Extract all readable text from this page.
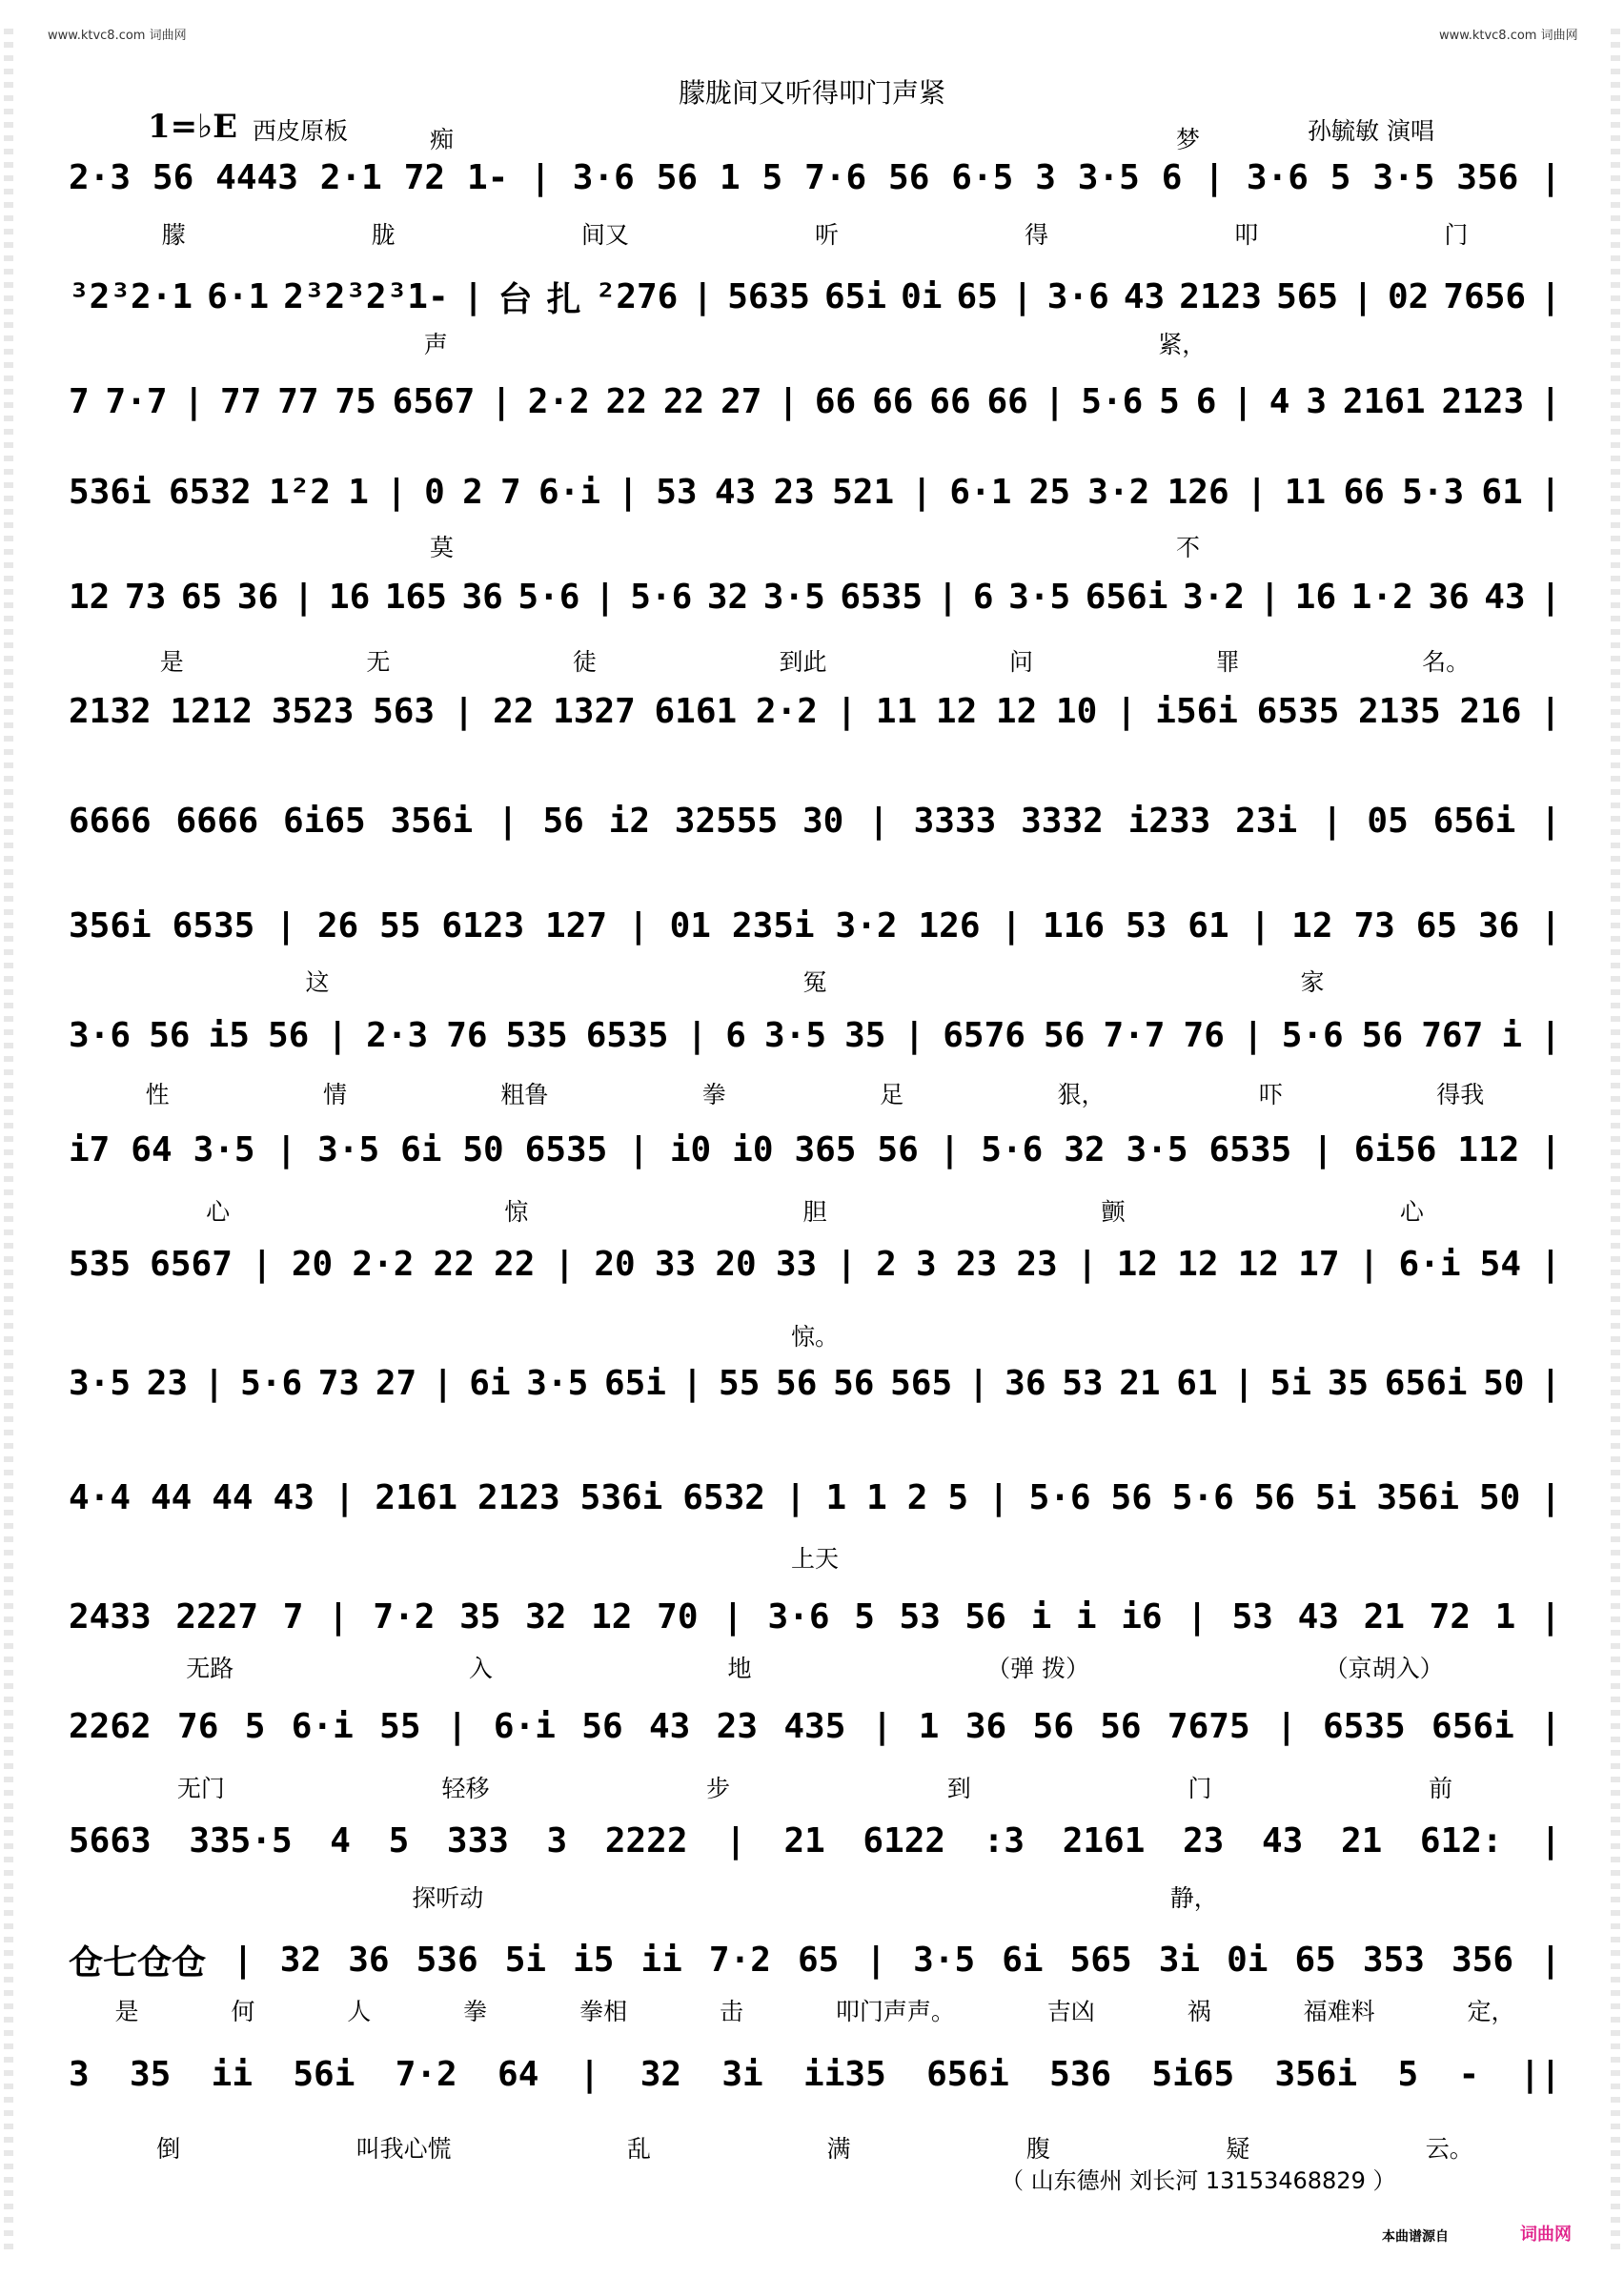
www.ktvc8.com 词曲网	www.ktvc8.com 词曲网
朦胧间又听得叩门声紧
1=♭E 西皮原板	孙毓敏 演唱
2·3 56 4443 2·1 72 1- | 3·6 56 1 5 7·6 56 6·5 3 3·5 6 | 3·6 5 3·5 356 |
痴	梦
³2³2·1 6·1 2³2³2³1- | 台 扎 ²276 | 5635 65i 0i 65 | 3·6 43 2123 565 | 02 7656 |
朦	胧	间又	听	得	叩	门
7 7·7 | 77 77 75 6567 | 2·2 22 22 27 | 66 66 66 66 | 5·6 5 6 | 4 3 2161 2123 |
声	紧，
536i 6532 1²2 1 | 0 2 7 6·i | 53 43 23 521 | 6·1 25 3·2 126 | 11 66 5·3 61 |
12 73 65 36 | 16 165 36 5·6 | 5·6 32 3·5 6535 | 6 3·5 656i 3·2 | 16 1·2 36 43 |
莫	不
2132 1212 3523 563 | 22 1327 6161 2·2 | 11 12 12 10 | i56i 6535 2135 216 |
是	无	徒	到此	问	罪	名。
6666 6666 6i65 356i | 56 i2 32555 30 | 3333 3332 i233 23i | 05 656i |
356i 6535 | 26 55 6123 127 | 01 235i 3·2 126 | 116 53 61 | 12 73 65 36 |
3·6 56 i5 56 | 2·3 76 535 6535 | 6 3·5 35 | 6576 56 7·7 76 | 5·6 56 767 i |
这	冤	家
i7 64 3·5 | 3·5 6i 50 6535 | i0 i0 365 56 | 5·6 32 3·5 6535 | 6i56 112 |
性	情	粗鲁	拳	足	狠，	吓	得我
535 6567 | 20 2·2 22 22 | 20 33 20 33 | 2 3 23 23 | 12 12 12 17 | 6·i 54 |
心	惊	胆	颤	心
3·5 23 | 5·6 73 27 | 6i 3·5 65i | 55 56 56 565 | 36 53 21 61 | 5i 35 656i 50 |
惊。
4·4 44 44 43 | 2161 2123 536i 6532 | 1 1 2 5 | 5·6 56 5·6 56 5i 356i 50 |
2433 2227 7 | 7·2 35 32 12 70 | 3·6 5 53 56 i i i6 | 53 43 21 72 1 |
上天
2262 76 5 6·i 55 | 6·i 56 43 23 435 | 1 36 56 56 7675 | 6535 656i |
无路	入	地	（弹 拨）	（京胡入）
5663 335·5 4 5 333 3 2222 | 21 6122 :3 2161 23 43 21 612: |
无门	轻移	步	到	门	前
仓七仓仓 | 32 36 536 5i i5 ii 7·2 65 | 3·5 6i 565 3i 0i 65 353 356 |
探听动	静，
3 35 ii 56i 7·2 64 | 32 3i ii35 656i 536 5i65 356i 5 - ||
是	何	人	拳	拳相	击	叩门声声。	吉凶	祸	福难料	定，
倒	叫我心慌	乱	满	腹	疑	云。
（ 山东德州 刘长河 13153468829 ）
本曲谱源自	词曲网
